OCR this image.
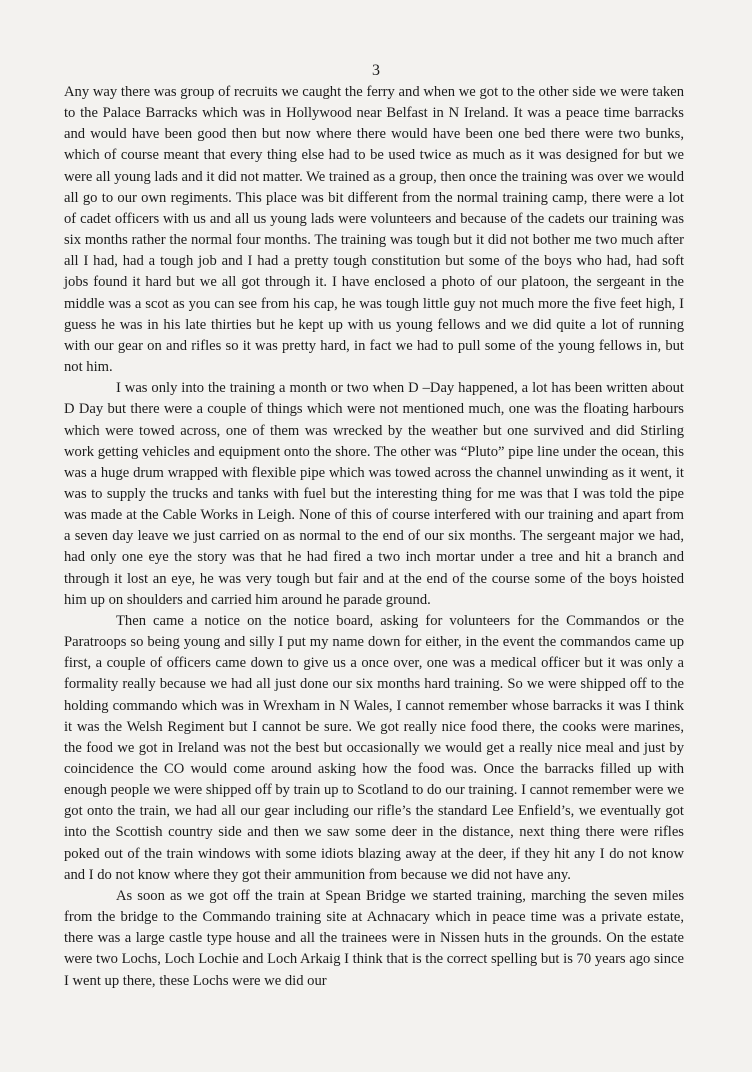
3

Any way there was group of recruits we caught the ferry and when we got to the other side we were taken to the Palace Barracks which was in Hollywood near Belfast in N Ireland. It was a peace time barracks and would have been good then but now where there would have been one bed there were two bunks, which of course meant that every thing else had to be used twice as much as it was designed for but we were all young lads and it did not matter. We trained as a group, then once the training was over we would all go to our own regiments. This place was bit different from the normal training camp, there were a lot of cadet officers with us and all us young lads were volunteers and because of the cadets our training was six months rather the normal four months. The training was tough but it did not bother me two much after all I had, had a tough job and I had a pretty tough constitution but some of the boys who had, had soft jobs found it hard but we all got through it. I have enclosed a photo of our platoon, the sergeant in the middle was a scot as you can see from his cap, he was tough little guy not much more the five feet high, I guess he was in his late thirties but he kept up with us young fellows and we did quite a lot of running with our gear on and rifles so it was pretty hard, in fact we had to pull some of the young fellows in, but not him.

I was only into the training a month or two when D –Day happened, a lot has been written about D Day but there were a couple of things which were not mentioned much, one was the floating harbours which were towed across, one of them was wrecked by the weather but one survived and did Stirling work getting vehicles and equipment onto the shore. The other was “Pluto” pipe line under the ocean, this was a huge drum wrapped with flexible pipe which was towed across the channel unwinding as it went, it was to supply the trucks and tanks with fuel but the interesting thing for me was that I was told the pipe was made at the Cable Works in Leigh. None of this of course interfered with our training and apart from a seven day leave we just carried on as normal to the end of our six months. The sergeant major we had, had only one eye the story was that he had fired a two inch mortar under a tree and hit a branch and through it lost an eye, he was very tough but fair and at the end of the course some of the boys hoisted him up on shoulders and carried him around he parade ground.

Then came a notice on the notice board, asking for volunteers for the Commandos or the Paratroops so being young and silly I put my name down for either, in the event the commandos came up first, a couple of officers came down to give us a once over, one was a medical officer but it was only a formality really because we had all just done our six months hard training. So we were shipped off to the holding commando which was in Wrexham in N Wales, I cannot remember whose barracks it was I think it was the Welsh Regiment but I cannot be sure. We got really nice food there, the cooks were marines, the food we got in Ireland was not the best but occasionally we would get a really nice meal and just by coincidence the CO would come around asking how the food was. Once the barracks filled up with enough people we were shipped off by train up to Scotland to do our training. I cannot remember were we got onto the train, we had all our gear including our rifle’s the standard Lee Enfield’s, we eventually got into the Scottish country side and then we saw some deer in the distance, next thing there were rifles poked out of the train windows with some idiots blazing away at the deer, if they hit any I do not know and I do not know where they got their ammunition from because we did not have any.

As soon as we got off the train at Spean Bridge we started training, marching the seven miles from the bridge to the Commando training site at Achnacary which in peace time was a private estate, there was a large castle type house and all the trainees were in Nissen huts in the grounds. On the estate were two Lochs, Loch Lochie and Loch Arkaig I think that is the correct spelling but is 70 years ago since I went up there, these Lochs were we did our
